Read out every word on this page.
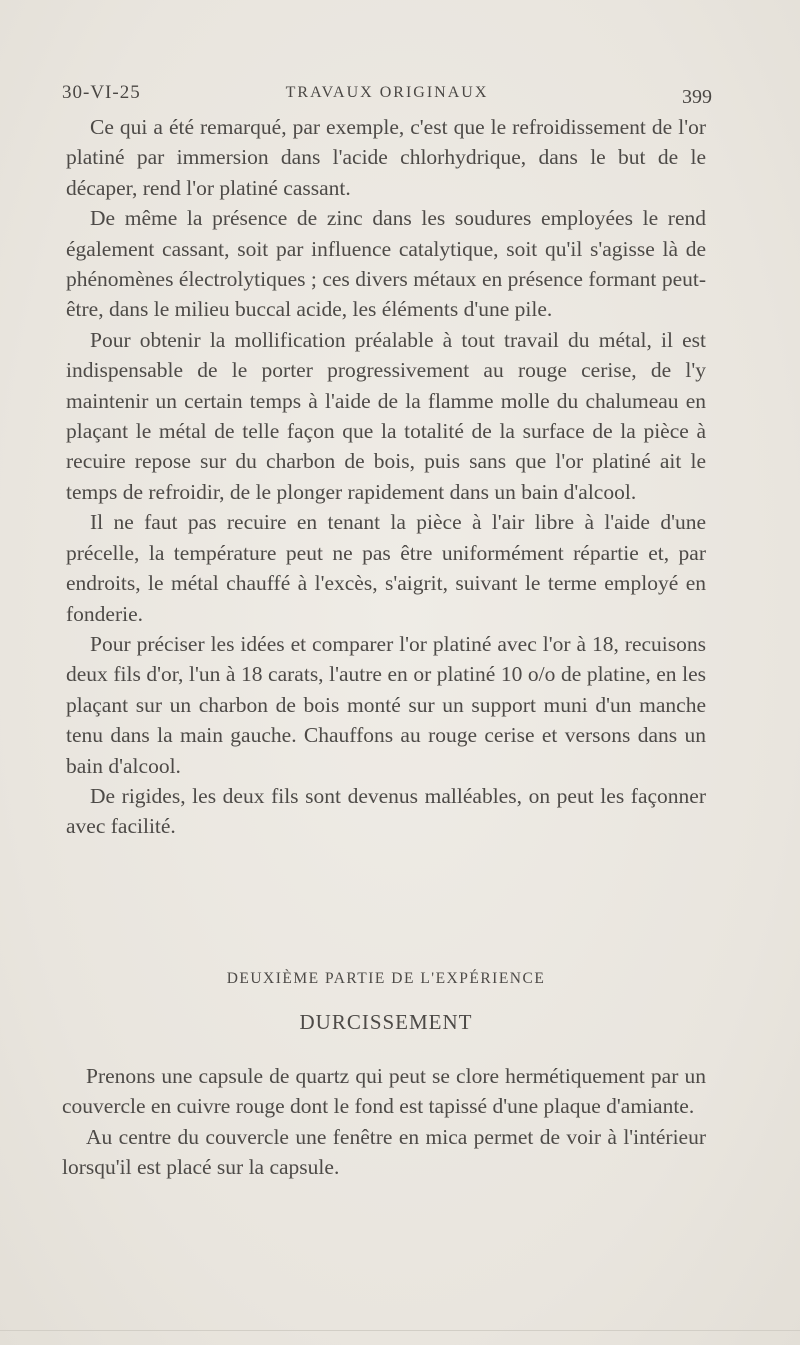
30-VI-25	TRAVAUX ORIGINAUX	399

Ce qui a été remarqué, par exemple, c'est que le refroidissement de l'or platiné par immersion dans l'acide chlorhydrique, dans le but de le décaper, rend l'or platiné cassant.

De même la présence de zinc dans les soudures employées le rend également cassant, soit par influence catalytique, soit qu'il s'agisse là de phénomènes électrolytiques ; ces divers métaux en présence formant peut-être, dans le milieu buccal acide, les éléments d'une pile.

Pour obtenir la mollification préalable à tout travail du métal, il est indispensable de le porter progressivement au rouge cerise, de l'y maintenir un certain temps à l'aide de la flamme molle du chalumeau en plaçant le métal de telle façon que la totalité de la surface de la pièce à recuire repose sur du charbon de bois, puis sans que l'or platiné ait le temps de refroidir, de le plonger rapidement dans un bain d'alcool.

Il ne faut pas recuire en tenant la pièce à l'air libre à l'aide d'une précelle, la température peut ne pas être uniformément répartie et, par endroits, le métal chauffé à l'excès, s'aigrit, suivant le terme employé en fonderie.

Pour préciser les idées et comparer l'or platiné avec l'or à 18, recuisons deux fils d'or, l'un à 18 carats, l'autre en or platiné 10 o/o de platine, en les plaçant sur un charbon de bois monté sur un support muni d'un manche tenu dans la main gauche. Chauffons au rouge cerise et versons dans un bain d'alcool.

De rigides, les deux fils sont devenus malléables, on peut les façonner avec facilité.

DEUXIÈME PARTIE DE L'EXPÉRIENCE
DURCISSEMENT

Prenons une capsule de quartz qui peut se clore hermétiquement par un couvercle en cuivre rouge dont le fond est tapissé d'une plaque d'amiante.

Au centre du couvercle une fenêtre en mica permet de voir à l'intérieur lorsqu'il est placé sur la capsule.
